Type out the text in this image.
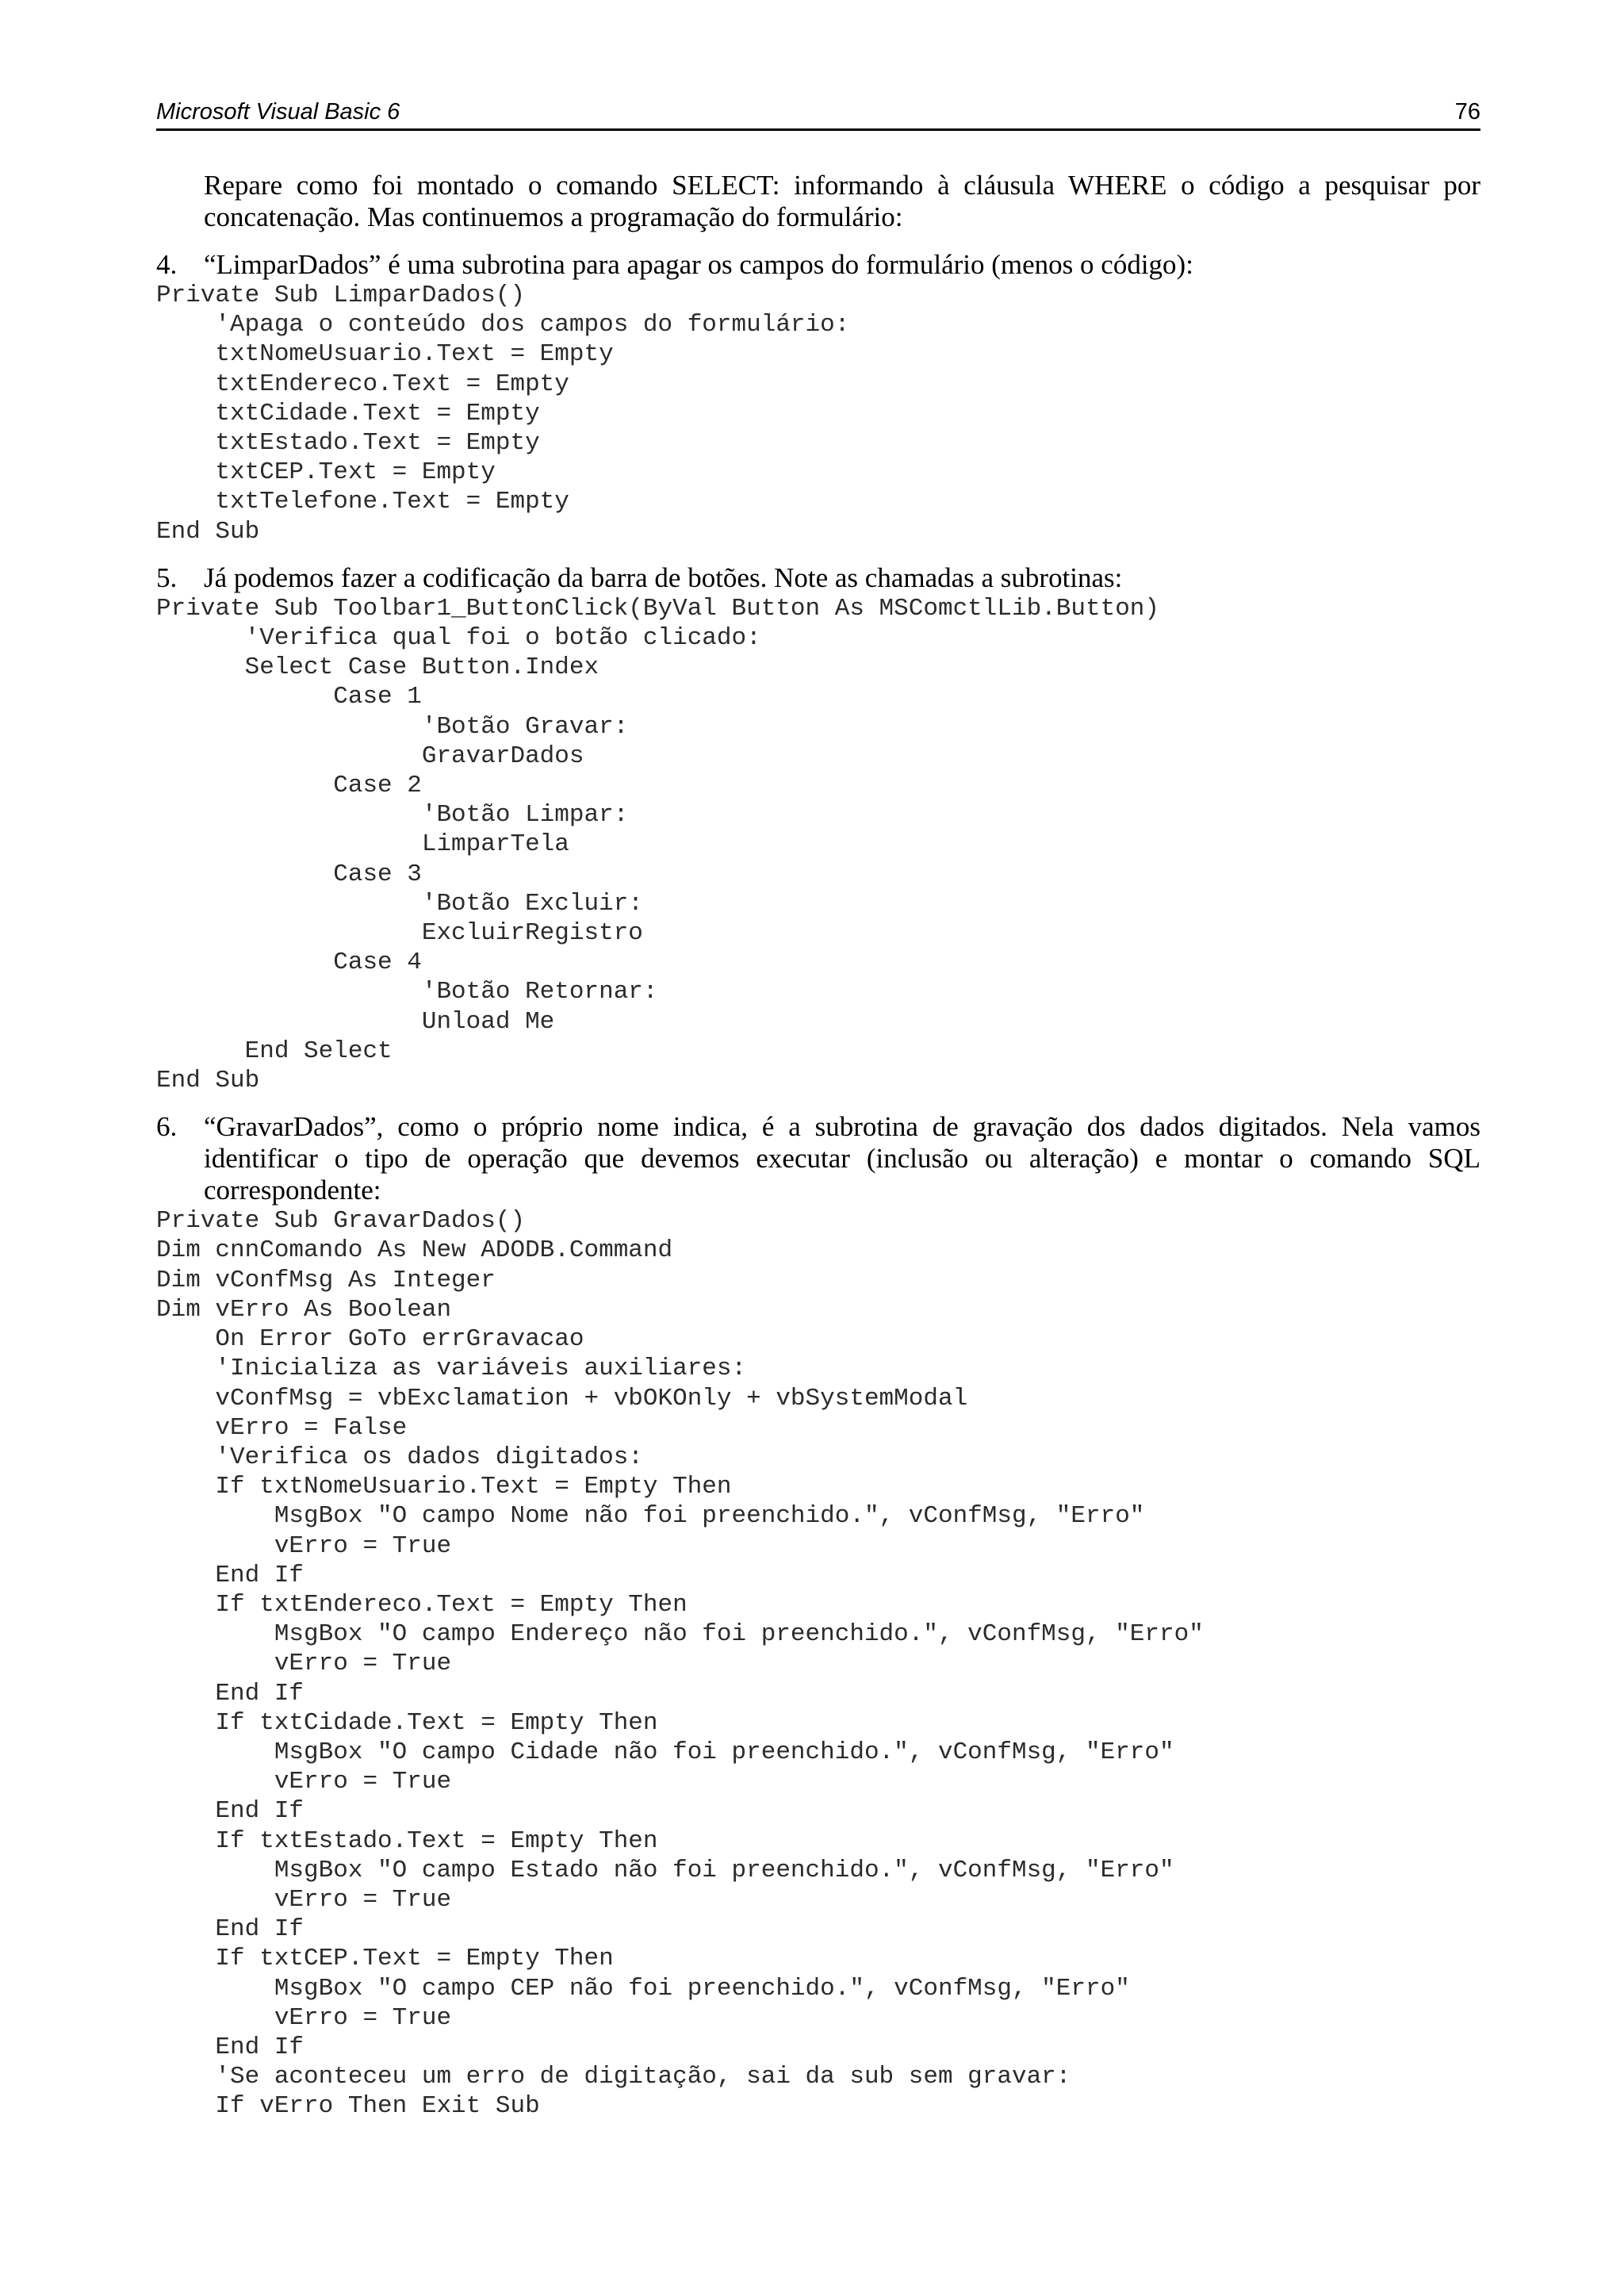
Microsoft Visual Basic 6	76

Repare como foi montado o comando SELECT: informando à cláusula WHERE o código a pesquisar por concatenação. Mas continuemos a programação do formulário:

4. “LimparDados” é uma subrotina para apagar os campos do formulário (menos o código):
Private Sub LimparDados()
'Apaga o conteúdo dos campos do formulário:
txtNomeUsuario.Text = Empty
txtEndereco.Text = Empty
txtCidade.Text = Empty
txtEstado.Text = Empty
txtCEP.Text = Empty
txtTelefone.Text = Empty
End Sub
5. Já podemos fazer a codificação da barra de botões. Note as chamadas a subrotinas:
Private Sub Toolbar1_ButtonClick(ByVal Button As MSComctlLib.Button)
'Verifica qual foi o botão clicado:
Select Case Button.Index
Case 1
'Botão Gravar:
GravarDados
Case 2
'Botão Limpar:
LimparTela
Case 3
'Botão Excluir:
ExcluirRegistro
Case 4
'Botão Retornar:
Unload Me
End Select
End Sub
6. “GravarDados”, como o próprio nome indica, é a subrotina de gravação dos dados digitados. Nela vamos identificar o tipo de operação que devemos executar (inclusão ou alteração) e montar o comando SQL correspondente:
Private Sub GravarDados()
Dim cnnComando As New ADODB.Command
Dim vConfMsg As Integer
Dim vErro As Boolean
On Error GoTo errGravacao
'Inicializa as variáveis auxiliares:
vConfMsg = vbExclamation + vbOKOnly + vbSystemModal
vErro = False
'Verifica os dados digitados:
If txtNomeUsuario.Text = Empty Then
MsgBox "O campo Nome não foi preenchido.", vConfMsg, "Erro"
vErro = True
End If
If txtEndereco.Text = Empty Then
MsgBox "O campo Endereço não foi preenchido.", vConfMsg, "Erro"
vErro = True
End If
If txtCidade.Text = Empty Then
MsgBox "O campo Cidade não foi preenchido.", vConfMsg, "Erro"
vErro = True
End If
If txtEstado.Text = Empty Then
MsgBox "O campo Estado não foi preenchido.", vConfMsg, "Erro"
vErro = True
End If
If txtCEP.Text = Empty Then
MsgBox "O campo CEP não foi preenchido.", vConfMsg, "Erro"
vErro = True
End If
'Se aconteceu um erro de digitação, sai da sub sem gravar:
If vErro Then Exit Sub
